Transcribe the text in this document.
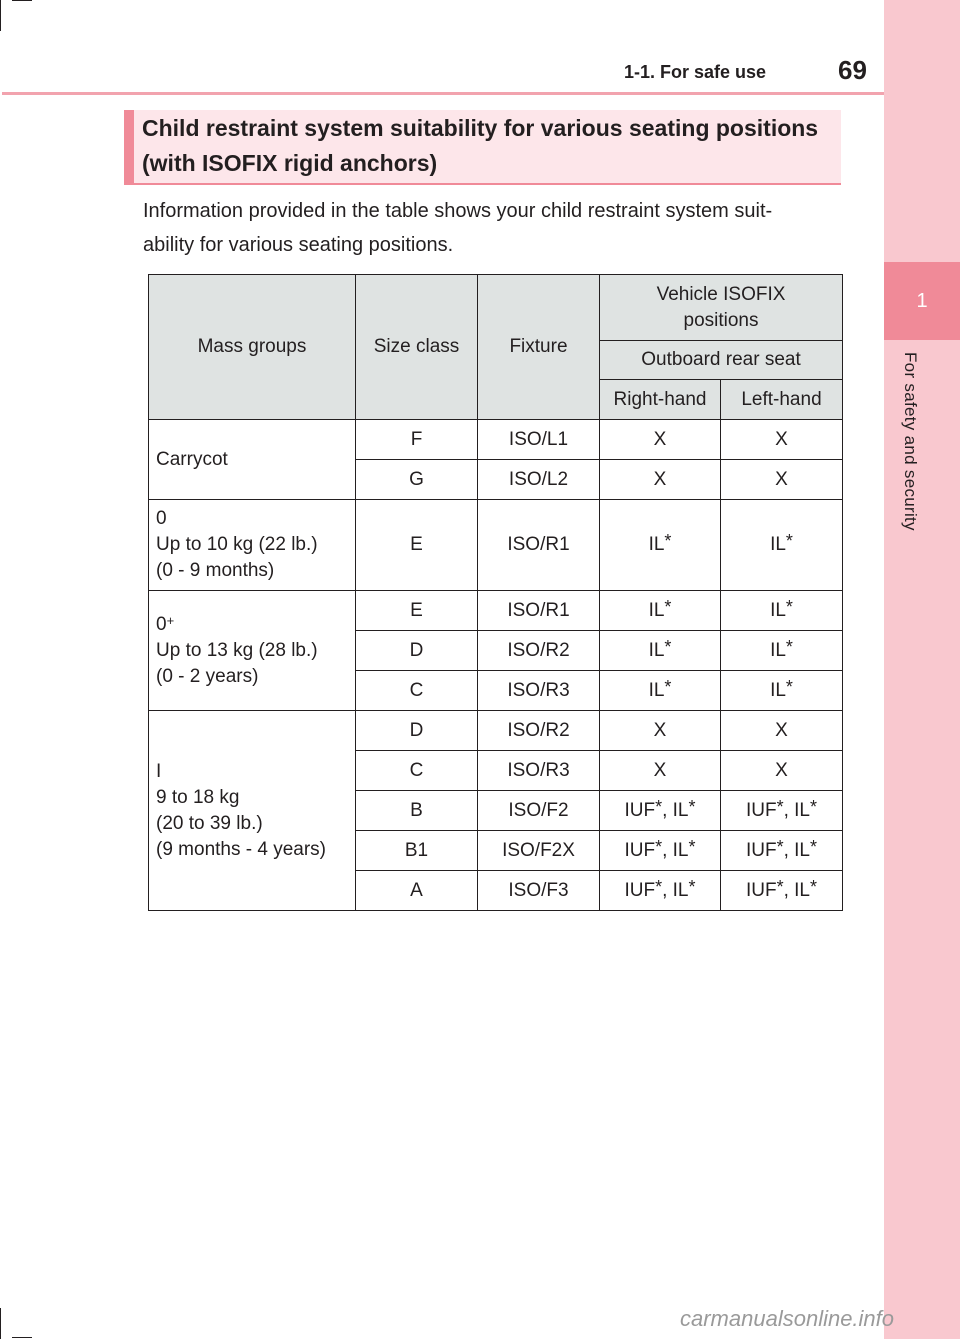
1
For safety and security
1-1. For safe use	69
Child restraint system suitability for various seating positions
(with ISOFIX rigid anchors)
Information provided in the table shows your child restraint system suit-
ability for various seating positions.
Mass groups	Size class	Fixture	Vehicle ISOFIX
positions	

			Outboard rear seat	
			Right-hand	Left-hand
Carrycot	F	ISO/L1	X	X
	G	ISO/L2	X	X

0
Up to 10 kg (22 lb.)
(0 - 9 months)	E	ISO/R1	IL*	IL*

0+
Up to 13 kg (28 lb.)
(0 - 2 years)	E	ISO/R1	IL*	IL*
	D	ISO/R2	IL*	IL*
	C	ISO/R3	IL*	IL*

I
9 to 18 kg
(20 to 39 lb.)
(9 months - 4 years)	D	ISO/R2	X	X
	C	ISO/R3	X	X
	B	ISO/F2	IUF*, IL*	IUF*, IL*
	B1	ISO/F2X	IUF*, IL*	IUF*, IL*
	A	ISO/F3	IUF*, IL*	IUF*, IL*
carmanualsonline.info
